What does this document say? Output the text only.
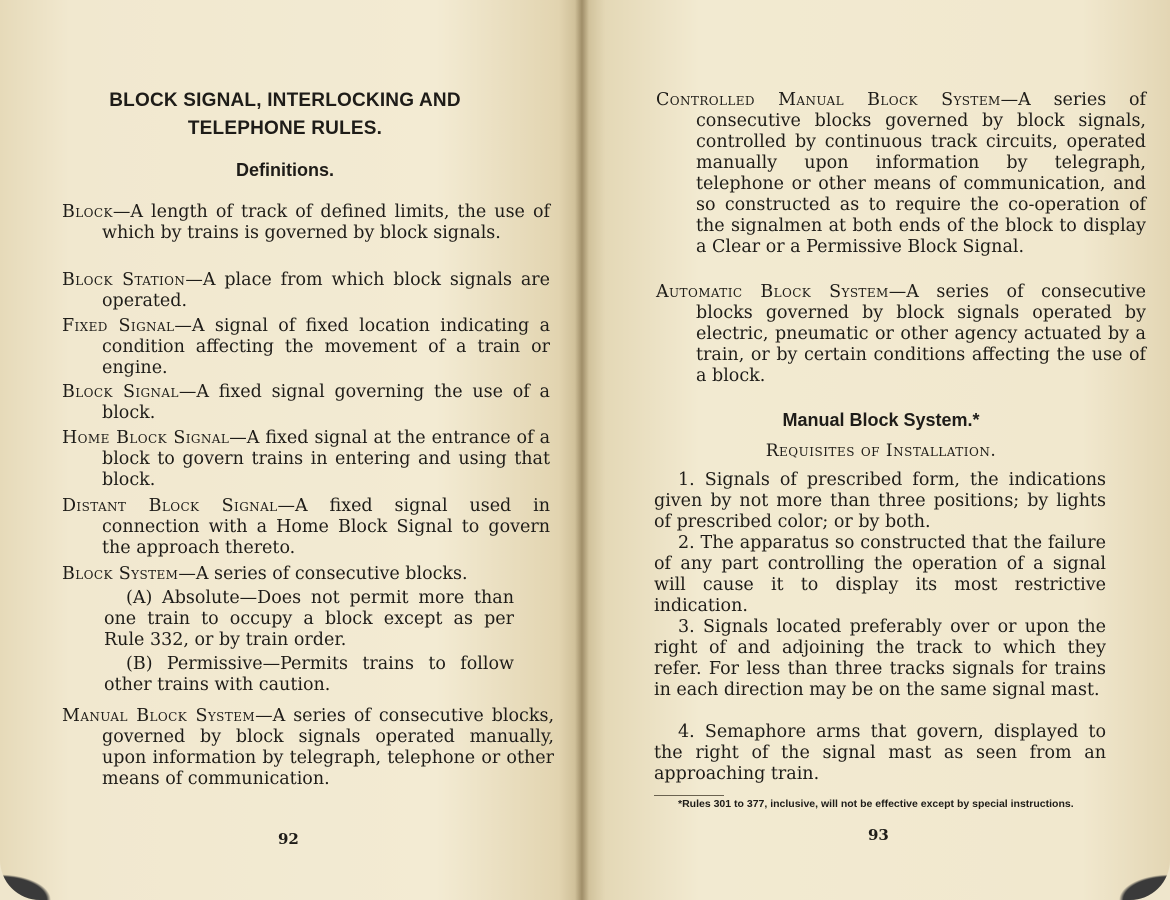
BLOCK SIGNAL, INTERLOCKING AND
TELEPHONE RULES.
Definitions.
Block—A length of track of defined limits, the use of which by trains is governed by block signals.
Block Station—A place from which block signals are operated.
Fixed Signal—A signal of fixed location indicating a condition affecting the movement of a train or engine.
Block Signal—A fixed signal governing the use of a block.
Home Block Signal—A fixed signal at the entrance of a block to govern trains in entering and using that block.
Distant Block Signal—A fixed signal used in connection with a Home Block Signal to govern the approach thereto.
Block System—A series of consecutive blocks.
(A) Absolute—Does not permit more than one train to occupy a block except as per Rule 332, or by train order.
(B) Permissive—Permits trains to follow other trains with caution.
Manual Block System—A series of consecutive blocks, governed by block signals operated manually, upon information by telegraph, telephone or other means of communication.
92
Controlled Manual Block System—A series of consecutive blocks governed by block signals, controlled by continuous track circuits, operated manually upon information by telegraph, telephone or other means of communication, and so constructed as to require the co-operation of the signalmen at both ends of the block to display a Clear or a Permissive Block Signal.
Automatic Block System—A series of consecutive blocks governed by block signals operated by electric, pneumatic or other agency actuated by a train, or by certain conditions affecting the use of a block.
Manual Block System.*
Requisites of Installation.
1. Signals of prescribed form, the indications given by not more than three positions; by lights of prescribed color; or by both.
2. The apparatus so constructed that the failure of any part controlling the operation of a signal will cause it to display its most restrictive indication.
3. Signals located preferably over or upon the right of and adjoining the track to which they refer. For less than three tracks signals for trains in each direction may be on the same signal mast.
4. Semaphore arms that govern, displayed to the right of the signal mast as seen from an approaching train.
*Rules 301 to 377, inclusive, will not be effective except by special instructions.
93
